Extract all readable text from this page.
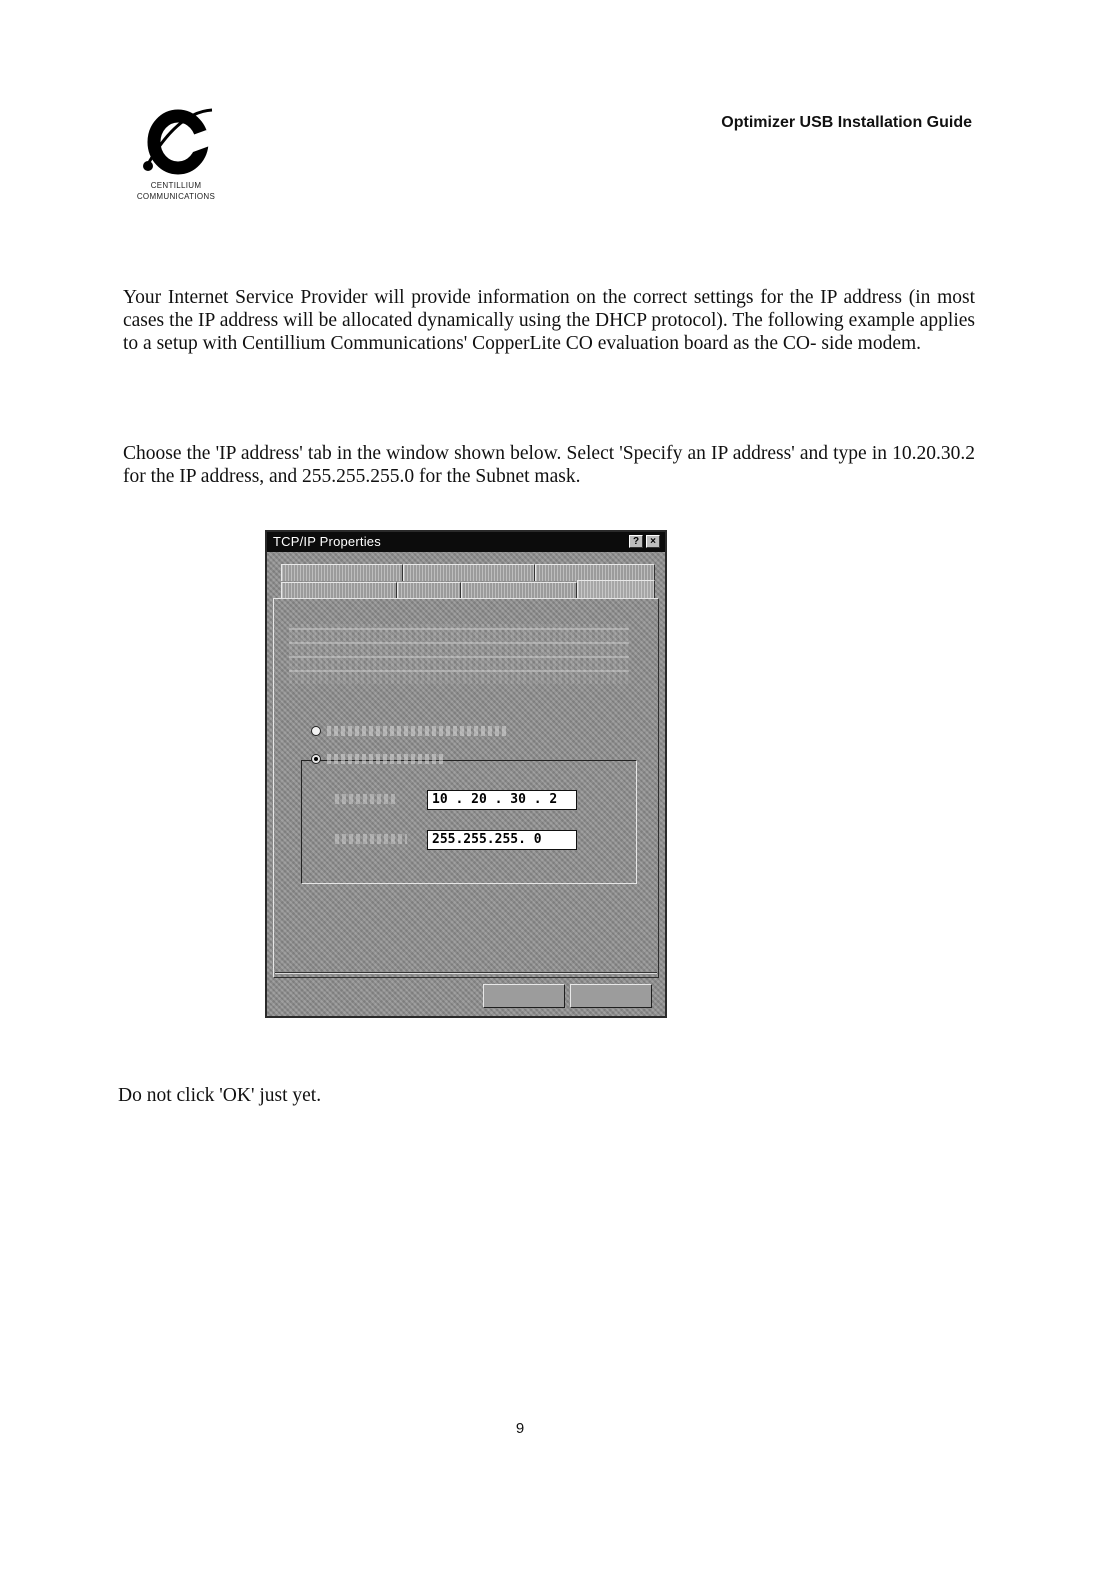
CENTILLIUM
COMMUNICATIONS
Optimizer USB Installation Guide

Your Internet Service Provider will provide information on the correct settings for the IP address (in most cases the IP address will be allocated dynamically using the DHCP protocol). The following example applies to a setup with Centillium Communications' CopperLite CO evaluation board as the CO- side modem.

Choose the 'IP address' tab in the window shown below. Select 'Specify an IP address' and type in 10.20.30.2 for the IP address, and 255.255.255.0 for the Subnet mask.

TCP/IP Properties	?	×
10 . 20 . 30 . 2
255.255.255. 0

Do not click 'OK' just yet.

9
